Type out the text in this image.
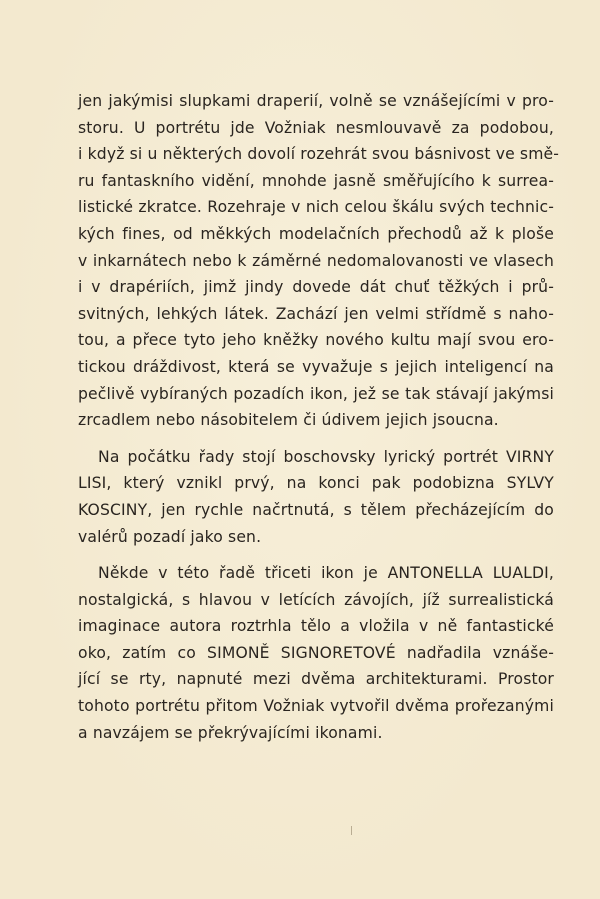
jen jakýmisi slupkami draperií, volně se vznášejícími v pro-
storu. U portrétu jde Vožniak nesmlouvavě za podobou,
i když si u některých dovolí rozehrát svou básnivost ve smě-
ru fantaskního vidění, mnohde jasně směřujícího k surrea-
listické zkratce. Rozehraje v nich celou škálu svých technic-
kých fines, od měkkých modelačních přechodů až k ploše
v inkarnátech nebo k záměrné nedomalovanosti ve vlasech
i v drapériích, jimž jindy dovede dát chuť těžkých i prů-
svitných, lehkých látek. Zachází jen velmi střídmě s naho-
tou, a přece tyto jeho kněžky nového kultu mají svou ero-
tickou dráždivost, která se vyvažuje s jejich inteligencí na
pečlivě vybíraných pozadích ikon, jež se tak stávají jakýmsi
zrcadlem nebo násobitelem či údivem jejich jsoucna.
Na počátku řady stojí boschovsky lyrický portrét VIRNY
LISI, který vznikl prvý, na konci pak podobizna SYLVY
KOSCINY, jen rychle načrtnutá, s tělem přecházejícím do
valérů pozadí jako sen.
Někde v této řadě třiceti ikon je ANTONELLA LUALDI,
nostalgická, s hlavou v letících závojích, jíž surrealistická
imaginace autora roztrhla tělo a vložila v ně fantastické
oko, zatím co SIMONĚ SIGNORETOVÉ nadřadila vznáše-
jící se rty, napnuté mezi dvěma architekturami. Prostor
tohoto portrétu přitom Vožniak vytvořil dvěma prořezanými
a navzájem se překrývajícími ikonami.
